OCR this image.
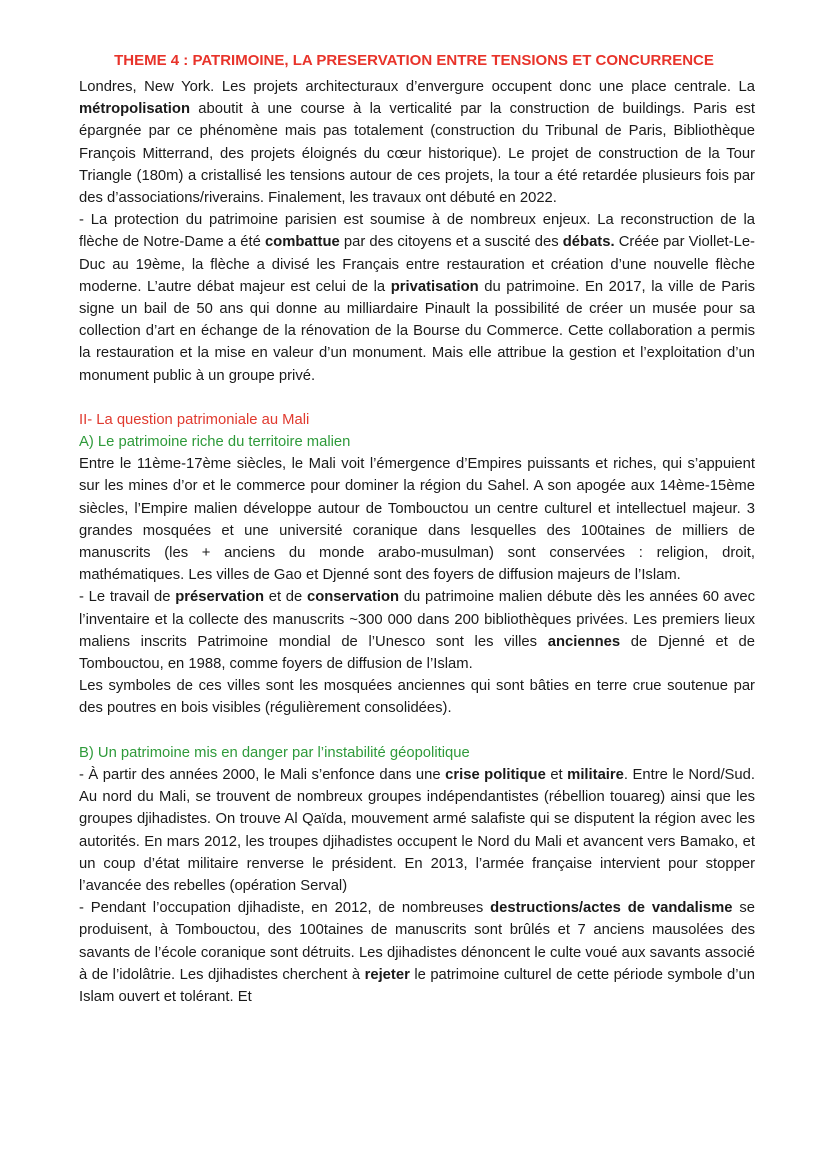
THEME 4 : PATRIMOINE, LA PRESERVATION ENTRE TENSIONS ET CONCURRENCE

Londres, New York. Les projets architecturaux d’envergure occupent donc une place centrale. La métropolisation aboutit à une course à la verticalité par la construction de buildings. Paris est épargnée par ce phénomène mais pas totalement (construction du Tribunal de Paris, Bibliothèque François Mitterrand, des projets éloignés du cœur historique). Le projet de construction de la Tour Triangle (180m) a cristallisé les tensions autour de ces projets, la tour a été retardée plusieurs fois par des d’associations/riverains. Finalement, les travaux ont débuté en 2022.

- La protection du patrimoine parisien est soumise à de nombreux enjeux. La reconstruction de la flèche de Notre-Dame a été combattue par des citoyens et a suscité des débats. Créée par Viollet-Le-Duc au 19ème, la flèche a divisé les Français entre restauration et création d’une nouvelle flèche moderne. L’autre débat majeur est celui de la privatisation du patrimoine. En 2017, la ville de Paris signe un bail de 50 ans qui donne au milliardaire Pinault la possibilité de créer un musée pour sa collection d’art en échange de la rénovation de la Bourse du Commerce. Cette collaboration a permis la restauration et la mise en valeur d’un monument. Mais elle attribue la gestion et l’exploitation d’un monument public à un groupe privé.

II- La question patrimoniale au Mali

A) Le patrimoine riche du territoire malien

Entre le 11ème-17ème siècles, le Mali voit l’émergence d’Empires puissants et riches, qui s’appuient sur les mines d’or et le commerce pour dominer la région du Sahel. A son apogée aux 14ème-15ème siècles, l’Empire malien développe autour de Tombouctou un centre culturel et intellectuel majeur. 3 grandes mosquées et une université coranique dans lesquelles des 100taines de milliers de manuscrits (les + anciens du monde arabo-musulman) sont conservées : religion, droit, mathématiques. Les villes de Gao et Djenné sont des foyers de diffusion majeurs de l’Islam.

- Le travail de préservation et de conservation du patrimoine malien débute dès les années 60 avec l’inventaire et la collecte des manuscrits ~300 000 dans 200 bibliothèques privées. Les premiers lieux maliens inscrits Patrimoine mondial de l’Unesco sont les villes anciennes de Djenné et de Tombouctou, en 1988, comme foyers de diffusion de l’Islam.

Les symboles de ces villes sont les mosquées anciennes qui sont bâties en terre crue soutenue par des poutres en bois visibles (régulièrement consolidées).

B) Un patrimoine mis en danger par l’instabilité géopolitique

- À partir des années 2000, le Mali s’enfonce dans une crise politique et militaire. Entre le Nord/Sud. Au nord du Mali, se trouvent de nombreux groupes indépendantistes (rébellion touareg) ainsi que les groupes djihadistes. On trouve Al Qaïda, mouvement armé salafiste qui se disputent la région avec les autorités. En mars 2012, les troupes djihadistes occupent le Nord du Mali et avancent vers Bamako, et un coup d’état militaire renverse le président. En 2013, l’armée française intervient pour stopper l’avancée des rebelles (opération Serval)

- Pendant l’occupation djihadiste, en 2012, de nombreuses destructions/actes de vandalisme se produisent, à Tombouctou, des 100taines de manuscrits sont brûlés et 7 anciens mausolées des savants de l’école coranique sont détruits. Les djihadistes dénoncent le culte voué aux savants associé à de l’idolâtrie. Les djihadistes cherchent à rejeter le patrimoine culturel de cette période symbole d’un Islam ouvert et tolérant. Et
